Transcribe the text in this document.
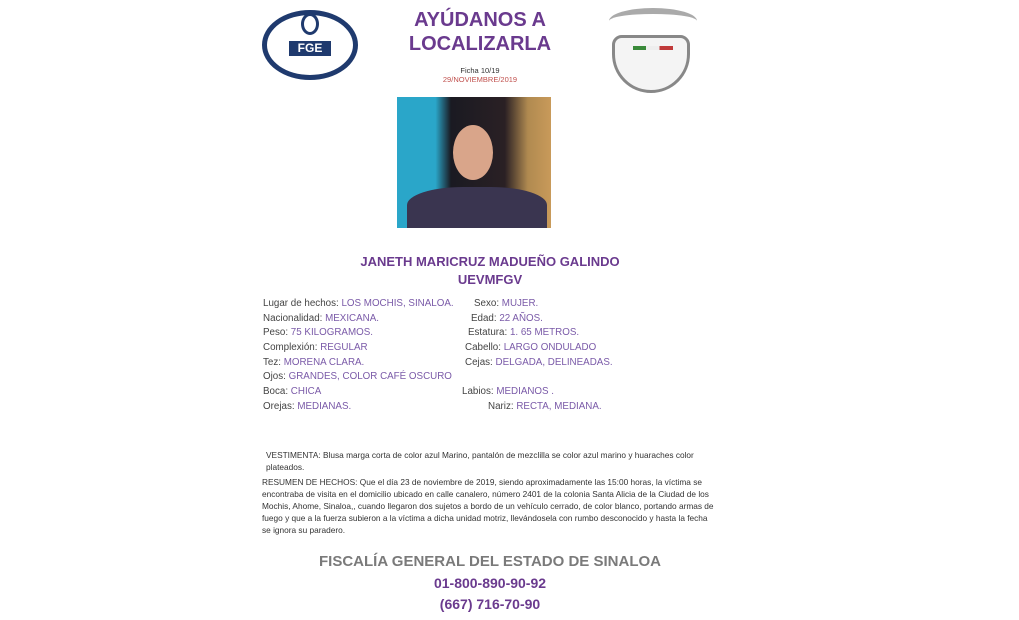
FGE
AYÚDANOS A
LOCALIZARLA
Ficha 10/19
29/NOVIEMBRE/2019
JANETH MARICRUZ MADUEÑO GALINDO
UEVMFGV
Lugar de hechos: LOS MOCHIS, SINALOA. Sexo: MUJER.
Nacionalidad: MEXICANA.	Edad: 22 AÑOS.
Peso: 75 KILOGRAMOS.	Estatura: 1. 65 METROS.
Complexión: REGULAR	Cabello: LARGO ONDULADO
Tez: MORENA CLARA.	Cejas: DELGADA, DELINEADAS.
Ojos: GRANDES, COLOR CAFÉ OSCURO
Boca: CHICA	Labios: MEDIANOS .
Orejas: MEDIANAS.	Nariz: RECTA, MEDIANA.
VESTIMENTA: Blusa marga corta de color azul Marino, pantalón de mezclilla se color azul marino y huaraches color plateados.
RESUMEN DE HECHOS: Que el día 23 de noviembre de 2019, siendo aproximadamente las 15:00 horas, la víctima se encontraba de visita en el domicilio ubicado en calle canalero, número 2401 de la colonia Santa Alicia de la Ciudad de los Mochis, Ahome, Sinaloa,, cuando llegaron dos sujetos a bordo de un vehículo cerrado, de color blanco, portando armas de fuego y que a la fuerza subieron a la víctima a dicha unidad motriz, llevándosela con rumbo desconocido y hasta la fecha se ignora su paradero.
FISCALÍA GENERAL DEL ESTADO DE SINALOA
01-800-890-90-92
(667) 716-70-90
